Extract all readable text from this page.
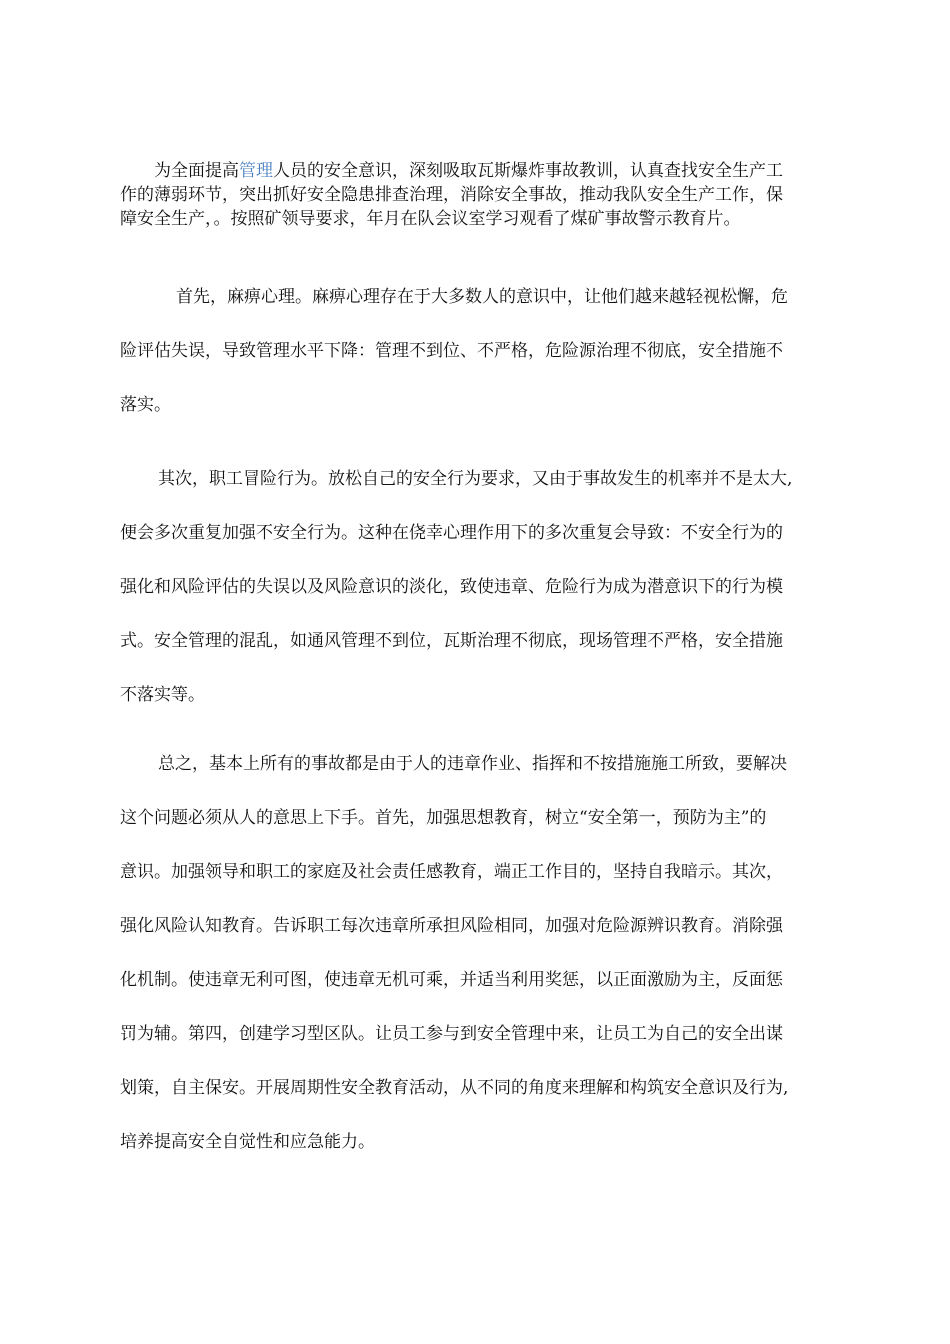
为全面提高管理人员的安全意识，深刻吸取瓦斯爆炸事故教训，认真查找安全生产工
作的薄弱环节，突出抓好安全隐患排查治理，消除安全事故，推动我队安全生产工作，保
障安全生产，。按照矿领导要求，年月在队会议室学习观看了煤矿事故警示教育片。
首先，麻痹心理。麻痹心理存在于大多数人的意识中，让他们越来越轻视松懈，危
险评估失误，导致管理水平下降：管理不到位、不严格，危险源治理不彻底，安全措施不
落实。
其次，职工冒险行为。放松自己的安全行为要求，又由于事故发生的机率并不是太大,
便会多次重复加强不安全行为。这种在侥幸心理作用下的多次重复会导致：不安全行为的
强化和风险评估的失误以及风险意识的淡化，致使违章、危险行为成为潜意识下的行为模
式。安全管理的混乱，如通风管理不到位，瓦斯治理不彻底，现场管理不严格，安全措施
不落实等。
总之，基本上所有的事故都是由于人的违章作业、指挥和不按措施施工所致，要解决
这个问题必须从人的意思上下手。首先，加强思想教育，树立“安全第一，预防为主”的
意识。加强领导和职工的家庭及社会责任感教育，端正工作目的，坚持自我暗示。其次，
强化风险认知教育。告诉职工每次违章所承担风险相同，加强对危险源辨识教育。消除强
化机制。使违章无利可图，使违章无机可乘，并适当利用奖惩，以正面激励为主，反面惩
罚为辅。第四，创建学习型区队。让员工参与到安全管理中来，让员工为自己的安全出谋
划策，自主保安。开展周期性安全教育活动，从不同的角度来理解和构筑安全意识及行为,
培养提高安全自觉性和应急能力。
